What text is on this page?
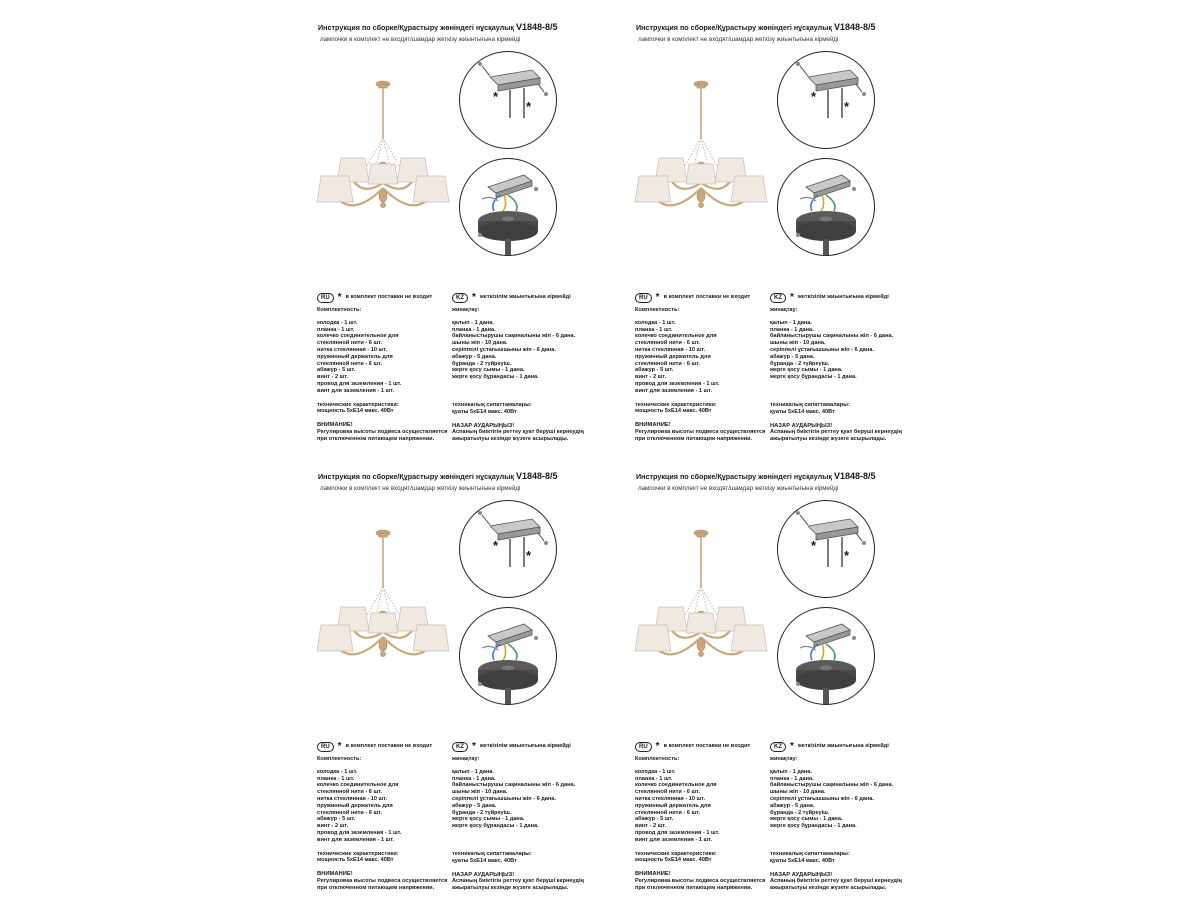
Инструкция по сборке/Құрастыру жөніндегі нұсқаулық V1848-8/5
лампочки в комплект не входят/шамдар жеткізу жиынтығына кірмейді
*
*
RU * в комплект поставки не входит
Комплектность:
колодка - 1 шт.
планка - 1 шт.
колечко соединительное для
стеклянной нити - 6 шт.
нитка стеклянная - 10 шт.
пружинный держатель для
стеклянной нити - 6 шт.
абажур - 5 шт.
винт - 2 шт.
провод для заземления - 1 шт.
винт для заземления - 1 шт.
технические характеристики:
мощность 5хЕ14 макс. 40Вт
ВНИМАНИЕ!
Регулировка высоты подвеса осуществляется
при отключенном питающем напряжении.
KZ * жеткізілім жиынтығына кірмейді
жинақтау:
қалып - 1 дана.
планка - 1 дана.
байланыстырушы сақиналыны жіп - 6 дана.
шыны жіп - 10 дана.
серіппелі ұстағышшыны жіп - 6 дана.
абажур - 5 дана.
бұранда - 2 түйреуіш.
жерге қосу сымы - 1 дана.
жерге қосу бұрандасы - 1 дана.
техникалық сипаттамалары:
қуаты 5хЕ14 макс. 40Вт
НАЗАР АУДАРЫҢЫЗ!
Аспаның биіктігін реттеу қуат беруші кернеудің
ажыратылуы кезінде жүзеге асырылады.
Инструкция по сборке/Құрастыру жөніндегі нұсқаулық V1848-8/5
лампочки в комплект не входят/шамдар жеткізу жиынтығына кірмейді
*
*
RU * в комплект поставки не входит
Комплектность:
колодка - 1 шт.
планка - 1 шт.
колечко соединительное для
стеклянной нити - 6 шт.
нитка стеклянная - 10 шт.
пружинный держатель для
стеклянной нити - 6 шт.
абажур - 5 шт.
винт - 2 шт.
провод для заземления - 1 шт.
винт для заземления - 1 шт.
технические характеристики:
мощность 5хЕ14 макс. 40Вт
ВНИМАНИЕ!
Регулировка высоты подвеса осуществляется
при отключенном питающем напряжении.
KZ * жеткізілім жиынтығына кірмейді
жинақтау:
қалып - 1 дана.
планка - 1 дана.
байланыстырушы сақиналыны жіп - 6 дана.
шыны жіп - 10 дана.
серіппелі ұстағышшыны жіп - 6 дана.
абажур - 5 дана.
бұранда - 2 түйреуіш.
жерге қосу сымы - 1 дана.
жерге қосу бұрандасы - 1 дана.
техникалық сипаттамалары:
қуаты 5хЕ14 макс. 40Вт
НАЗАР АУДАРЫҢЫЗ!
Аспаның биіктігін реттеу қуат беруші кернеудің
ажыратылуы кезінде жүзеге асырылады.
Инструкция по сборке/Құрастыру жөніндегі нұсқаулық V1848-8/5
лампочки в комплект не входят/шамдар жеткізу жиынтығына кірмейді
*
*
RU * в комплект поставки не входит
Комплектность:
колодка - 1 шт.
планка - 1 шт.
колечко соединительное для
стеклянной нити - 6 шт.
нитка стеклянная - 10 шт.
пружинный держатель для
стеклянной нити - 6 шт.
абажур - 5 шт.
винт - 2 шт.
провод для заземления - 1 шт.
винт для заземления - 1 шт.
технические характеристики:
мощность 5хЕ14 макс. 40Вт
ВНИМАНИЕ!
Регулировка высоты подвеса осуществляется
при отключенном питающем напряжении.
KZ * жеткізілім жиынтығына кірмейді
жинақтау:
қалып - 1 дана.
планка - 1 дана.
байланыстырушы сақиналыны жіп - 6 дана.
шыны жіп - 10 дана.
серіппелі ұстағышшыны жіп - 6 дана.
абажур - 5 дана.
бұранда - 2 түйреуіш.
жерге қосу сымы - 1 дана.
жерге қосу бұрандасы - 1 дана.
техникалық сипаттамалары:
қуаты 5хЕ14 макс. 40Вт
НАЗАР АУДАРЫҢЫЗ!
Аспаның биіктігін реттеу қуат беруші кернеудің
ажыратылуы кезінде жүзеге асырылады.
Инструкция по сборке/Құрастыру жөніндегі нұсқаулық V1848-8/5
лампочки в комплект не входят/шамдар жеткізу жиынтығына кірмейді
*
*
RU * в комплект поставки не входит
Комплектность:
колодка - 1 шт.
планка - 1 шт.
колечко соединительное для
стеклянной нити - 6 шт.
нитка стеклянная - 10 шт.
пружинный держатель для
стеклянной нити - 6 шт.
абажур - 5 шт.
винт - 2 шт.
провод для заземления - 1 шт.
винт для заземления - 1 шт.
технические характеристики:
мощность 5хЕ14 макс. 40Вт
ВНИМАНИЕ!
Регулировка высоты подвеса осуществляется
при отключенном питающем напряжении.
KZ * жеткізілім жиынтығына кірмейді
жинақтау:
қалып - 1 дана.
планка - 1 дана.
байланыстырушы сақиналыны жіп - 6 дана.
шыны жіп - 10 дана.
серіппелі ұстағышшыны жіп - 6 дана.
абажур - 5 дана.
бұранда - 2 түйреуіш.
жерге қосу сымы - 1 дана.
жерге қосу бұрандасы - 1 дана.
техникалық сипаттамалары:
қуаты 5хЕ14 макс. 40Вт
НАЗАР АУДАРЫҢЫЗ!
Аспаның биіктігін реттеу қуат беруші кернеудің
ажыратылуы кезінде жүзеге асырылады.
